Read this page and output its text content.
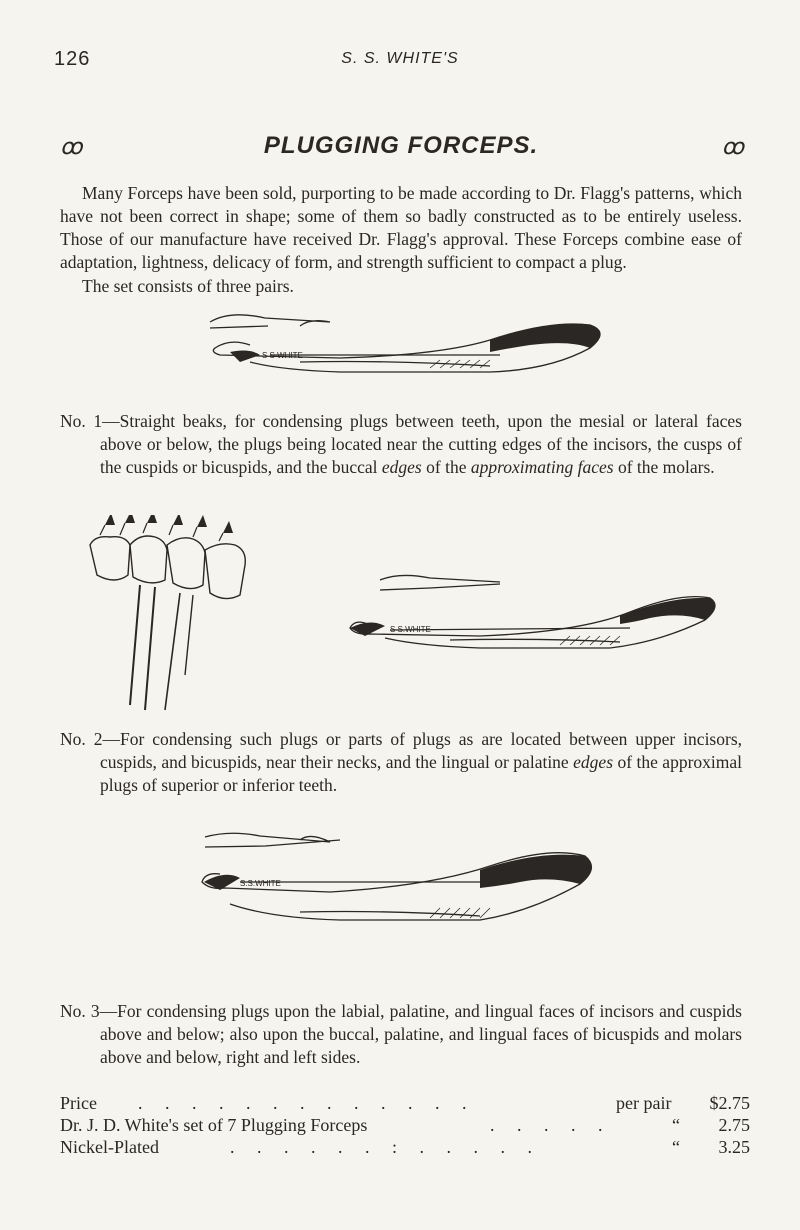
126	S. S. WHITE'S
ꝏ	PLUGGING FORCEPS.	ꝏ

Many Forceps have been sold, purporting to be made according to Dr. Flagg's patterns, which have not been correct in shape; some of them so badly constructed as to be entirely useless. Those of our manufacture have received Dr. Flagg's approval. These Forceps combine ease of adaptation, lightness, delicacy of form, and strength sufficient to compact a plug.

The set consists of three pairs.

S S WHITE

No. 1—Straight beaks, for condensing plugs between teeth, upon the mesial or lateral faces above or below, the plugs being located near the cutting edges of the incisors, the cusps of the cuspids or bicuspids, and the buccal edges of the approximating faces of the molars.

S S.WHITE

No. 2—For condensing such plugs or parts of plugs as are located between upper incisors, cuspids, and bicuspids, near their necks, and the lingual or palatine edges of the approximal plugs of superior or inferior teeth.

S.S.WHITE

No. 3—For condensing plugs upon the labial, palatine, and lingual faces of incisors and cuspids above and below; also upon the buccal, palatine, and lingual faces of bicuspids and molars above and below, right and left sides.

Price . . . . . . . . . . . . .	per pair $2.75
Dr. J. D. White's set of 7 Plugging Forceps	. . . . .	“ 2.75
Nickel-Plated	. . . . . . : . . . . .	“ 3.25
